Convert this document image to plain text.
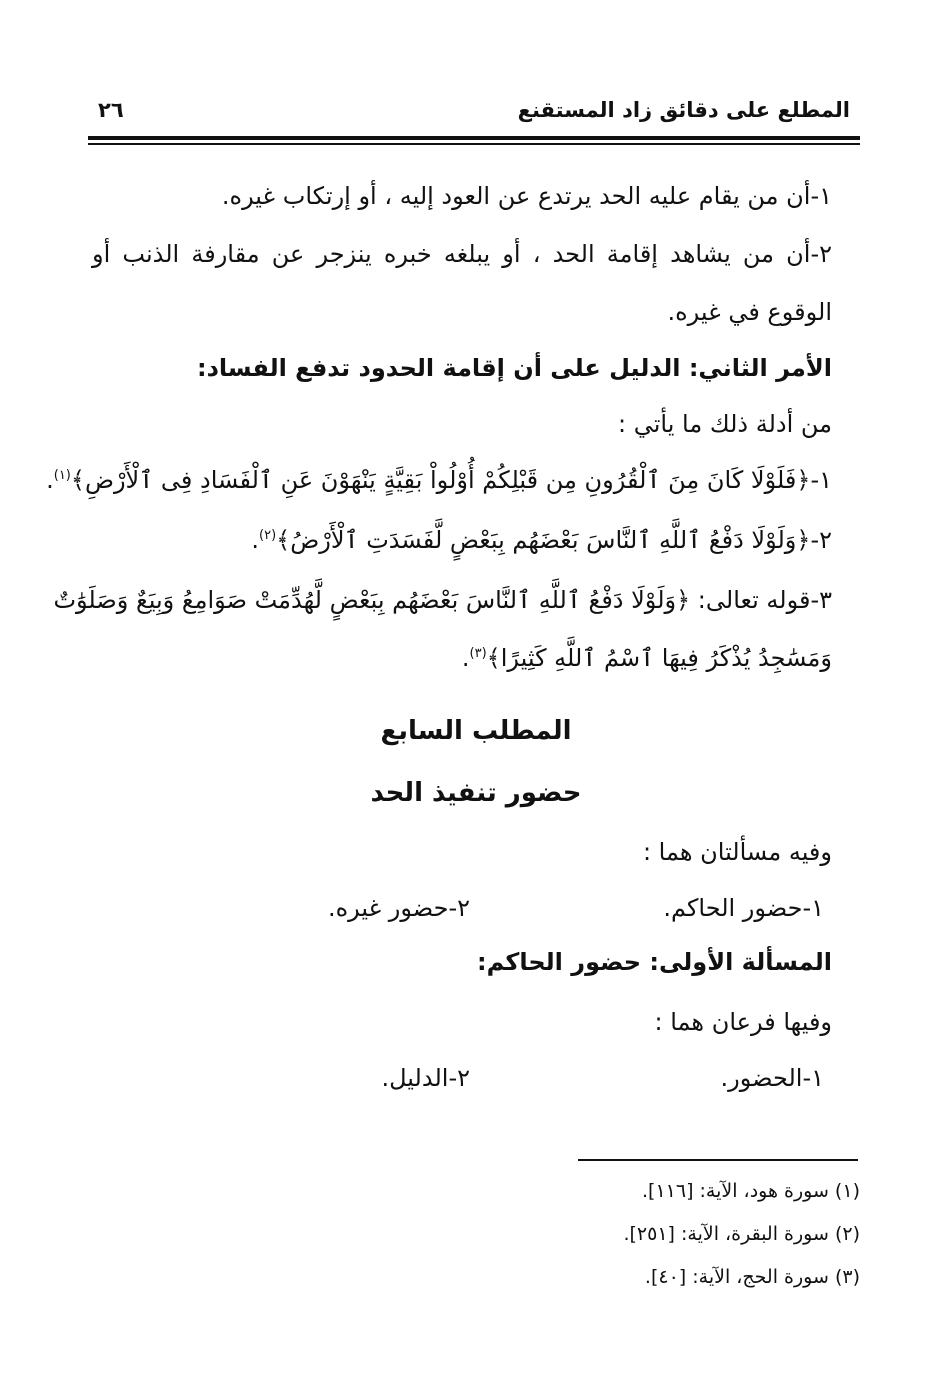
المطلع على دقائق زاد المستقنع
٢٦
١-أن من يقام عليه الحد يرتدع عن العود إليه ، أو إرتكاب غيره.
٢-أن من يشاهد إقامة الحد ، أو يبلغه خبره ينزجر عن مقارفة الذنب أو
الوقوع في غيره.
الأمر الثاني: الدليل على أن إقامة الحدود تدفع الفساد:
من أدلة ذلك ما يأتي :
١-﴿فَلَوْلَا كَانَ مِنَ ٱلْقُرُونِ مِن قَبْلِكُمْ أُوْلُواْ بَقِيَّةٍ يَنْهَوْنَ عَنِ ٱلْفَسَادِ فِى ٱلْأَرْضِ﴾$^{(١)}$.
٢-﴿وَلَوْلَا دَفْعُ ٱللَّهِ ٱلنَّاسَ بَعْضَهُم بِبَعْضٍ لَّفَسَدَتِ ٱلْأَرْضُ﴾$^{(٢)}$.
٣-قوله تعالى: ﴿وَلَوْلَا دَفْعُ ٱللَّهِ ٱلنَّاسَ بَعْضَهُم بِبَعْضٍ لَّهُدِّمَتْ صَوَامِعُ وَبِيَعٌ وَصَلَوَٰتٌ
وَمَسَٰجِدُ يُذْكَرُ فِيهَا ٱسْمُ ٱللَّهِ كَثِيرًا﴾$^{(٣)}$.
المطلب السابع
حضور تنفيذ الحد
وفيه مسألتان هما :
١-حضور الحاكم.
٢-حضور غيره.
المسألة الأولى: حضور الحاكم:
وفيها فرعان هما :
١-الحضور.
٢-الدليل.
(١) سورة هود، الآية: [١١٦].
(٢) سورة البقرة، الآية: [٢٥١].
(٣) سورة الحج، الآية: [٤٠].
